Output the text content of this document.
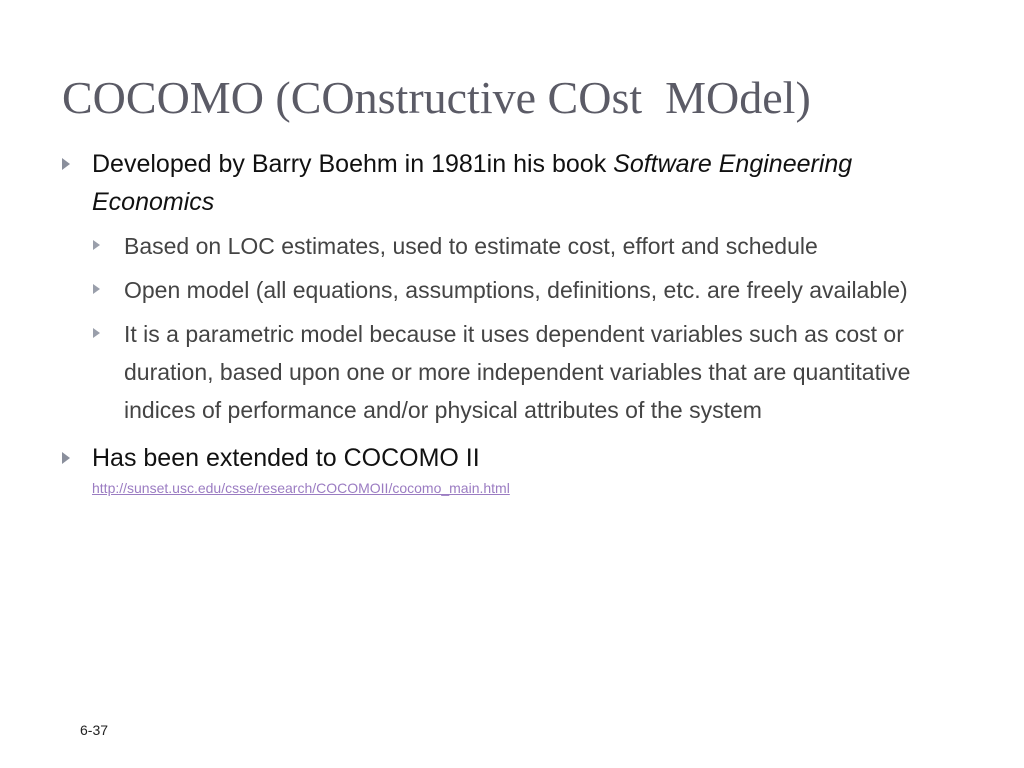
COCOMO (COnstructive COst  MOdel)
Developed by Barry Boehm in 1981in his book Software Engineering Economics
Based on LOC estimates, used to estimate cost, effort and schedule
Open model (all equations, assumptions, definitions, etc. are freely available)
It is a parametric model because it uses dependent variables such as cost or duration, based upon one or more independent variables that are quantitative indices of performance and/or physical attributes of the system
Has been extended to COCOMO II
http://sunset.usc.edu/csse/research/COCOMOII/cocomo_main.html
6-37
